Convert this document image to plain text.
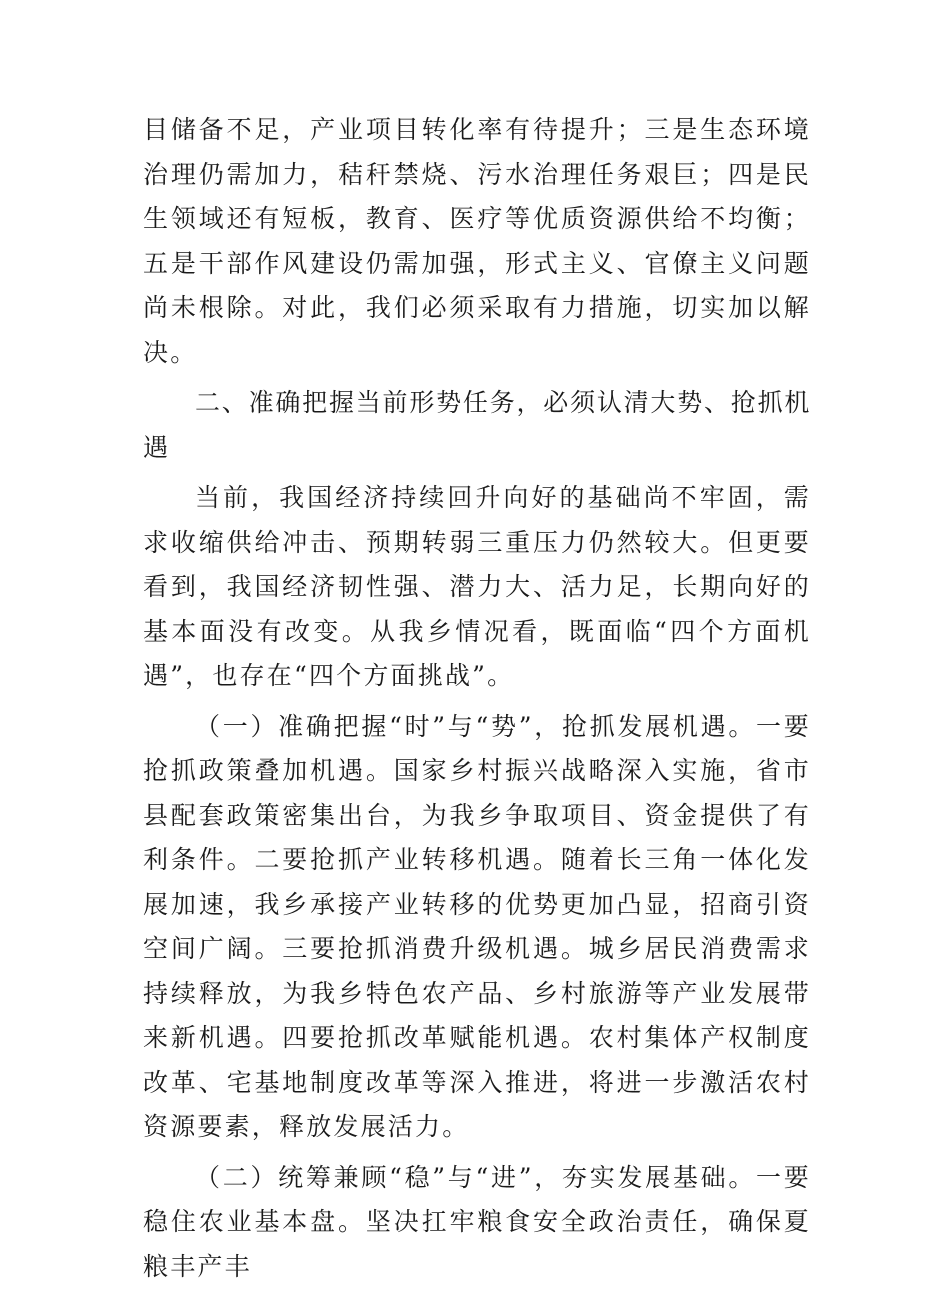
目储备不足，产业项目转化率有待提升；三是生态环境治理仍需加力，秸秆禁烧、污水治理任务艰巨；四是民生领域还有短板，教育、医疗等优质资源供给不均衡；五是干部作风建设仍需加强，形式主义、官僚主义问题尚未根除。对此，我们必须采取有力措施，切实加以解决。

二、准确把握当前形势任务，必须认清大势、抢抓机遇

当前，我国经济持续回升向好的基础尚不牢固，需求收缩供给冲击、预期转弱三重压力仍然较大。但更要看到，我国经济韧性强、潜力大、活力足，长期向好的基本面没有改变。从我乡情况看，既面临“四个方面机遇”，也存在“四个方面挑战”。

（一）准确把握“时”与“势”，抢抓发展机遇。一要抢抓政策叠加机遇。国家乡村振兴战略深入实施，省市县配套政策密集出台，为我乡争取项目、资金提供了有利条件。二要抢抓产业转移机遇。随着长三角一体化发展加速，我乡承接产业转移的优势更加凸显，招商引资空间广阔。三要抢抓消费升级机遇。城乡居民消费需求持续释放，为我乡特色农产品、乡村旅游等产业发展带来新机遇。四要抢抓改革赋能机遇。农村集体产权制度改革、宅基地制度改革等深入推进，将进一步激活农村资源要素，释放发展活力。

（二）统筹兼顾“稳”与“进”，夯实发展基础。一要稳住农业基本盘。坚决扛牢粮食安全政治责任，确保夏粮丰产丰
